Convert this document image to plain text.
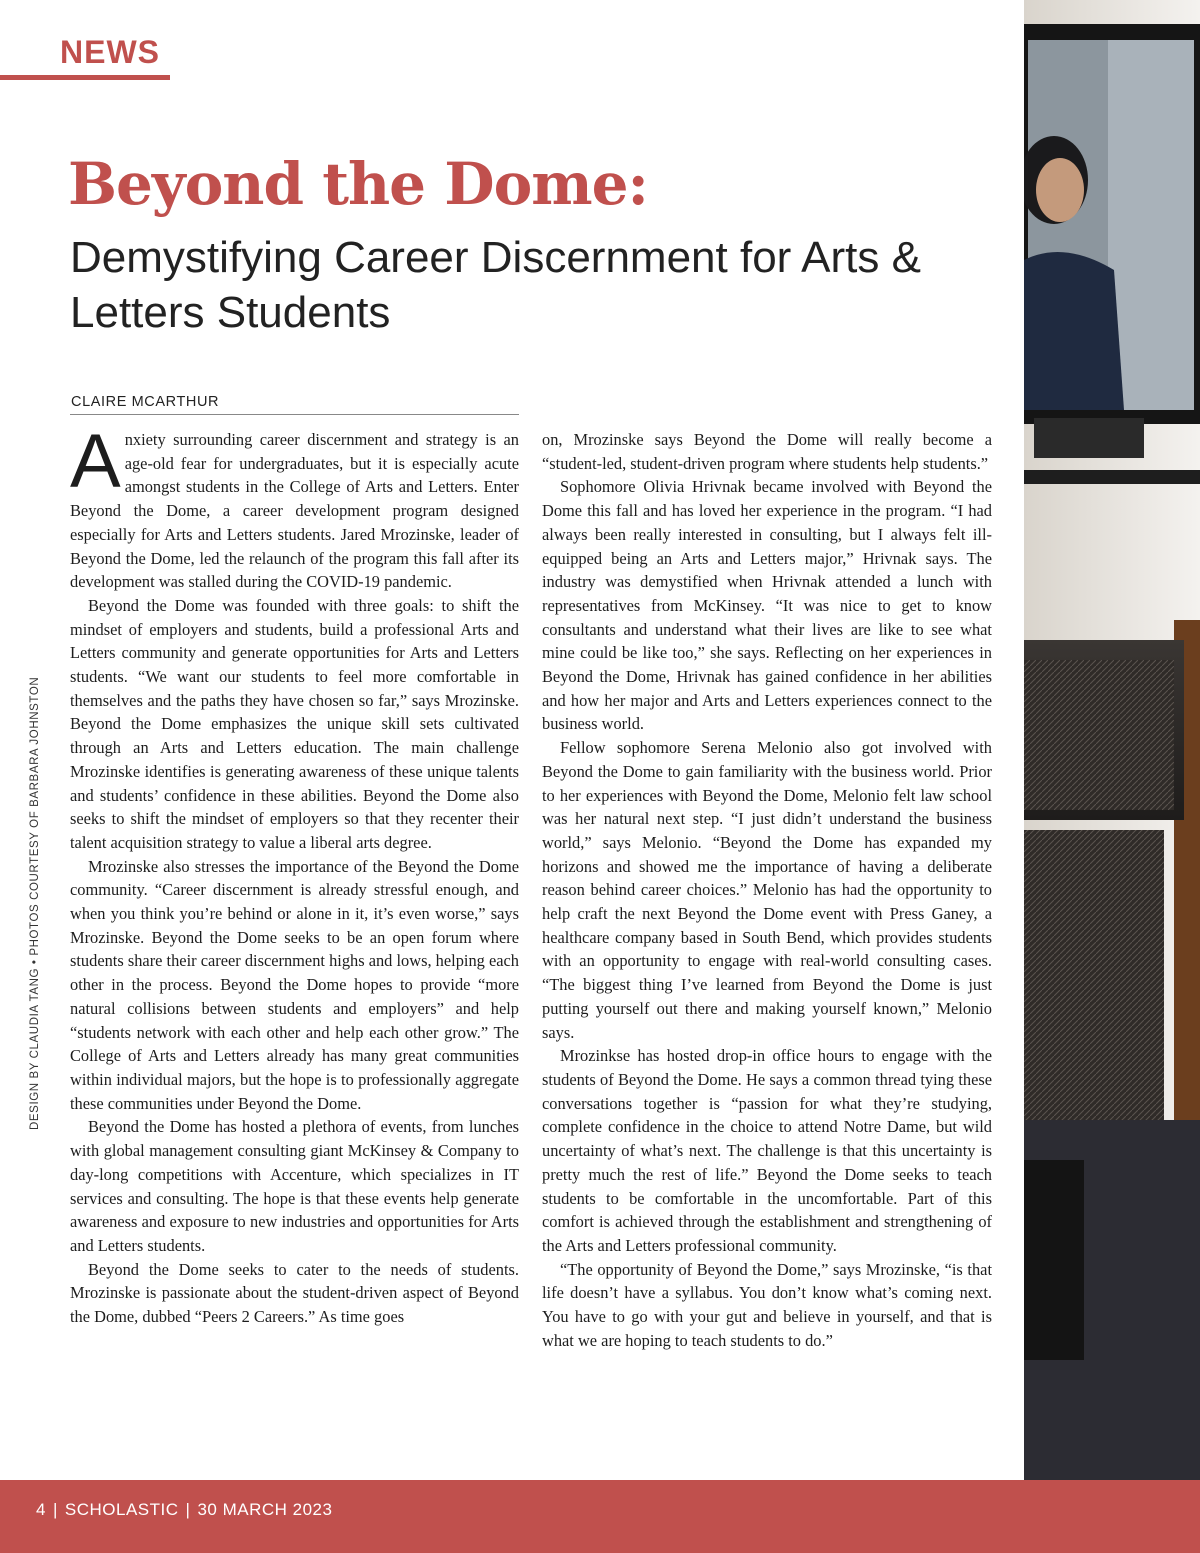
NEWS
Beyond the Dome:
Demystifying Career Discernment for Arts & Letters Students
CLAIRE MCARTHUR
DESIGN BY CLAUDIA TANG • PHOTOS COURTESY OF BARBARA JOHNSTON

Anxiety surrounding career discernment and strategy is an age-old fear for undergraduates, but it is especially acute amongst students in the College of Arts and Letters. Enter Beyond the Dome, a career development program designed especially for Arts and Letters students. Jared Mrozinske, leader of Beyond the Dome, led the relaunch of the program this fall after its development was stalled during the COVID-19 pandemic.

Beyond the Dome was founded with three goals: to shift the mindset of employers and students, build a professional Arts and Letters community and generate opportunities for Arts and Letters students. “We want our students to feel more comfortable in themselves and the paths they have chosen so far,” says Mrozinske. Beyond the Dome emphasizes the unique skill sets cultivated through an Arts and Letters education. The main challenge Mrozinske identifies is generating awareness of these unique talents and students’ confidence in these abilities. Beyond the Dome also seeks to shift the mindset of employers so that they recenter their talent acquisition strategy to value a liberal arts degree.

Mrozinske also stresses the importance of the Beyond the Dome community. “Career discernment is already stressful enough, and when you think you’re behind or alone in it, it’s even worse,” says Mrozinske. Beyond the Dome seeks to be an open forum where students share their career discernment highs and lows, helping each other in the process. Beyond the Dome hopes to provide “more natural collisions between students and employers” and help “students network with each other and help each other grow.” The College of Arts and Letters already has many great communities within individual majors, but the hope is to professionally aggregate these communities under Beyond the Dome.

Beyond the Dome has hosted a plethora of events, from lunches with global management consulting giant McKinsey & Company to day-long competitions with Accenture, which specializes in IT services and consulting. The hope is that these events help generate awareness and exposure to new industries and opportunities for Arts and Letters students.

Beyond the Dome seeks to cater to the needs of students. Mrozinske is passionate about the student-driven aspect of Beyond the Dome, dubbed “Peers 2 Careers.” As time goes

on, Mrozinske says Beyond the Dome will really become a “student-led, student-driven program where students help students.”

Sophomore Olivia Hrivnak became involved with Beyond the Dome this fall and has loved her experience in the program. “I had always been really interested in consulting, but I always felt ill-equipped being an Arts and Letters major,” Hrivnak says. The industry was demystified when Hrivnak attended a lunch with representatives from McKinsey. “It was nice to get to know consultants and understand what their lives are like to see what mine could be like too,” she says. Reflecting on her experiences in Beyond the Dome, Hrivnak has gained confidence in her abilities and how her major and Arts and Letters experiences connect to the business world.

Fellow sophomore Serena Melonio also got involved with Beyond the Dome to gain familiarity with the business world. Prior to her experiences with Beyond the Dome, Melonio felt law school was her natural next step. “I just didn’t understand the business world,” says Melonio. “Beyond the Dome has expanded my horizons and showed me the importance of having a deliberate reason behind career choices.” Melonio has had the opportunity to help craft the next Beyond the Dome event with Press Ganey, a healthcare company based in South Bend, which provides students with an opportunity to engage with real-world consulting cases. “The biggest thing I’ve learned from Beyond the Dome is just putting yourself out there and making yourself known,” Melonio says.

Mrozinkse has hosted drop-in office hours to engage with the students of Beyond the Dome. He says a common thread tying these conversations together is “passion for what they’re studying, complete confidence in the choice to attend Notre Dame, but wild uncertainty of what’s next. The challenge is that this uncertainty is pretty much the rest of life.” Beyond the Dome seeks to teach students to be comfortable in the uncomfortable. Part of this comfort is achieved through the establishment and strengthening of the Arts and Letters professional community.

“The opportunity of Beyond the Dome,” says Mrozinske, “is that life doesn’t have a syllabus. You don’t know what’s coming next. You have to go with your gut and believe in yourself, and that is what we are hoping to teach students to do.”

4 | SCHOLASTIC | 30 MARCH 2023
